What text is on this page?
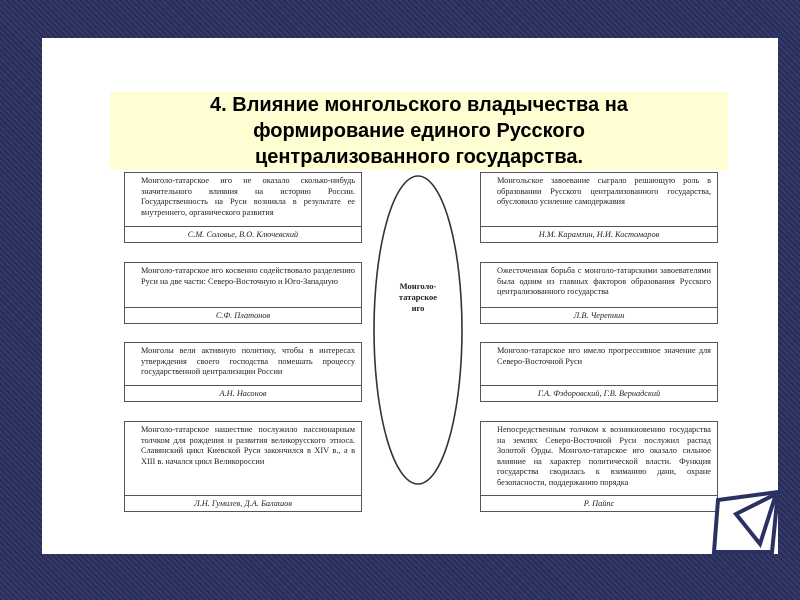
4. Влияние монгольского владычества на
формирование единого Русского
централизованного государства.
Монголо-татарское иго не оказало сколько-нибудь значительного влияния на историю России. Государственность на Руси возникла в результате ее внутреннего, органического развития
С.М. Соловье, В.О. Ключевский
Монголо-татарское иго косвенно содействовало разделению Руси на две части: Северо-Восточную и Юго-Западную
С.Ф. Платонов
Монголы вели активную политику, чтобы в интересах утверждения своего господства помешать процессу государственной централизации России
А.Н. Насонов
Монголо-татарское нашествие послужило пассионарным толчком для рождения и развития великорусского этноса. Славянский цикл Киевской Руси закончился в XIV в., а в XIII в. начался цикл Великороссии
Л.Н. Гумилев, Д.А. Балашов
Монголо-
татарское
иго
Монгольское завоевание сыграло решающую роль в образовании Русского централизованного государства, обусловило усиление самодержавия
Н.М. Карамзин, Н.И. Костомаров
Ожесточенная борьба с монголо-татарскими завоевателями была одним из главных факторов образования Русского централизованного государства
Л.В. Черепнин
Монголо-татарское иго имело прогрессивное значение для Северо-Восточной Руси
Г.А. Фэдоровский, Г.В. Вернадский
Непосредственным толчком к возникновению государства на землях Северо-Восточной Руси послужил распад Золотой Орды. Монголо-татарское иго оказало сильное влияние на характер политической власти. Функция государства сводилась к взиманию дани, охране безопасности, поддержанию порядка
Р. Пайпс
